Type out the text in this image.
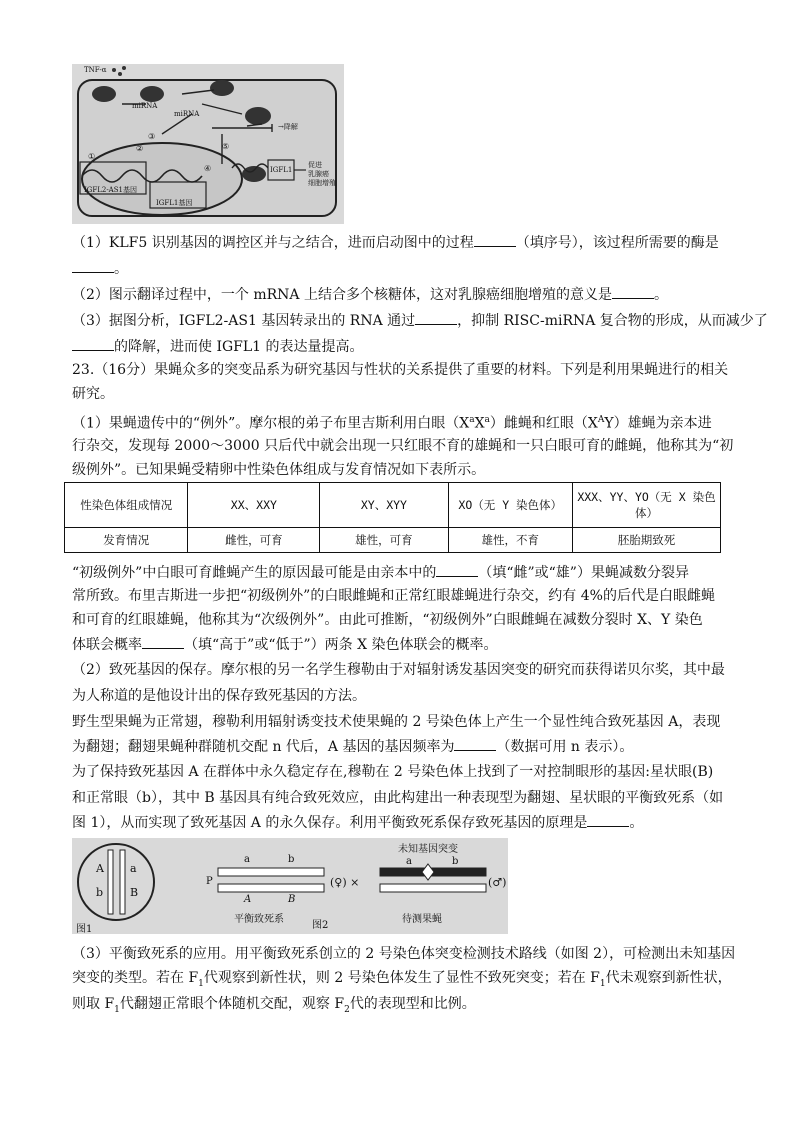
TNF-α
miRNA
miRNA
①
②
③
④
⑤
→降解
IGFL2-AS1基因
IGFL1基因
IGFL1
促进
乳腺癌
细胞增殖
（1）KLF5 识别基因的调控区并与之结合，进而启动图中的过程	（填序号），该过程所需要的酶是
。
（2）图示翻译过程中，一个 mRNA 上结合多个核糖体，这对乳腺癌细胞增殖的意义是	。
（3）据图分析，IGFL2-AS1 基因转录出的 RNA 通过	，抑制 RISC-miRNA 复合物的形成，从而减少了
的降解，进而使 IGFL1 的表达量提高。
23.（16分）果蝇众多的突变品系为研究基因与性状的关系提供了重要的材料。下列是利用果蝇进行的相关
研究。
（1）果蝇遗传中的“例外”。摩尔根的弟子布里吉斯利用白眼$(X^aX^a)$雌蝇和红眼$(X^AY)$雄蝇为亲本进
行杂交，发现每 2000～3000 只后代中就会出现一只红眼不育的雄蝇和一只白眼可育的雌蝇，他称其为“初
级例外”。已知果蝇受精卵中性染色体组成与发育情况如下表所示。
性染色体组成情况	XX、XXY	XY、XYY	XO（无 Y 染色体）	XXX、YY、YO（无 X 染色体）
发育情况	雌性，可育	雄性，可育	雄性，不育	胚胎期致死
“初级例外”中白眼可育雌蝇产生的原因最可能是由亲本中的	（填“雌”或“雄”）果蝇减数分裂异
常所致。布里吉斯进一步把“初级例外”的白眼雌蝇和正常红眼雄蝇进行杂交，约有 4%的后代是白眼雌蝇
和可育的红眼雄蝇，他称其为“次级例外”。由此可推断，“初级例外”白眼雌蝇在减数分裂时 X、Y 染色
体联会概率	（填“高于”或“低于”）两条 X 染色体联会的概率。
（2）致死基因的保存。摩尔根的另一名学生穆勒由于对辐射诱发基因突变的研究而获得诺贝尔奖，其中最
为人称道的是他设计出的保存致死基因的方法。
野生型果蝇为正常翅，穆勒利用辐射诱变技术使果蝇的 2 号染色体上产生一个显性纯合致死基因 A，表现
为翻翅；翻翅果蝇种群随机交配 n 代后，A 基因的基因频率为	（数据可用 n 表示）。
为了保持致死基因 A 在群体中永久稳定存在,穆勒在 2 号染色体上找到了一对控制眼形的基因:星状眼(B)
和正常眼（b），其中 B 基因具有纯合致死效应，由此构建出一种表现型为翻翅、星状眼的平衡致死系（如
图 1），从而实现了致死基因 A 的永久保存。利用平衡致死系保存致死基因的原理是	。
A a
b B
图1
P
a	b
A	B
(♀) ×	(♂)
平衡致死系
图2
未知基因突变
a	b
待测果蝇
（3）平衡致死系的应用。用平衡致死系创立的 2 号染色体突变检测技术路线（如图 2），可检测出未知基因
突变的类型。若在 $F_1$代观察到新性状，则 2 号染色体发生了显性不致死突变；若在 $F_1$代未观察到新性状，
则取 $F_1$代翻翅正常眼个体随机交配，观察 $F_2$代的表现型和比例。
